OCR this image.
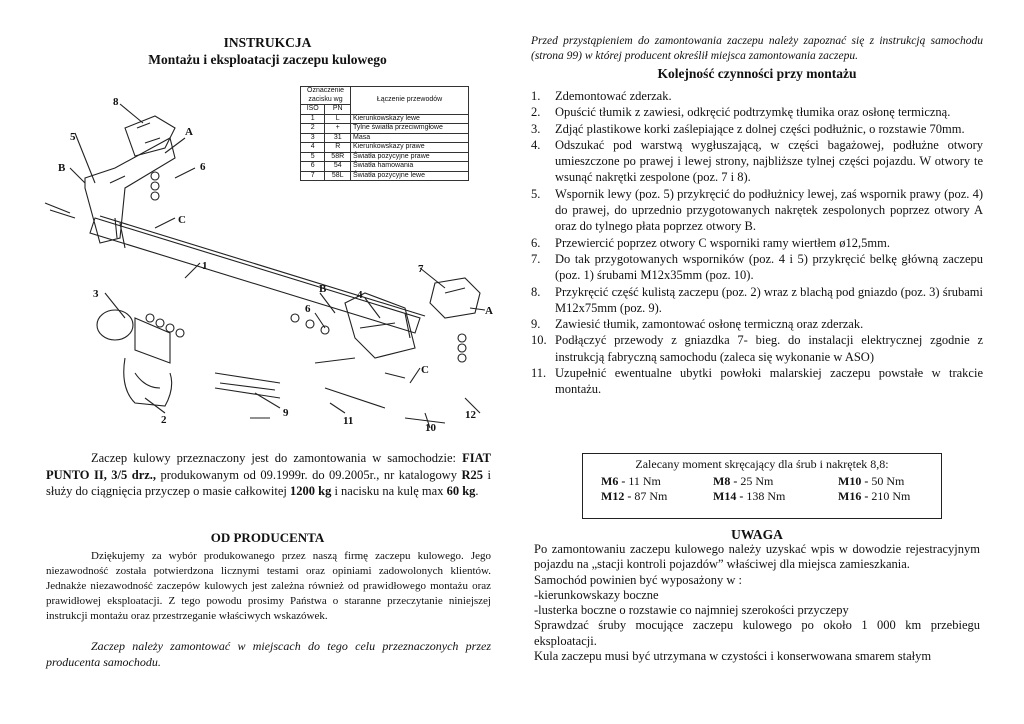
INSTRUKCJA
Montażu i eksploatacji zaczepu kulowego
8
5
B
A
6
C
1
3
2
9
11
10
12
B
6
4
7
A
C
Oznaczenie zacisku wg		Łączenie przewodów
ISO	PN	
1	L	Kierunkowskazy lewe
2	+	Tylne światła przeciwmgłowe
3	31	Masa
4	R	Kierunkowskazy prawe
5	58R	Światła pozycyjne prawe
6	54	Światła hamowania
7	58L	Światła pozycyjne lewe
Zaczep kulowy przeznaczony jest do zamontowania w samochodzie: FIAT PUNTO II, 3/5 drz., produkowanym od 09.1999r. do 09.2005r., nr katalogowy R25 i służy do ciągnięcia przyczep o masie całkowitej 1200 kg i nacisku na kulę max 60 kg.
OD PRODUCENTA
Dziękujemy za wybór produkowanego przez naszą firmę zaczepu kulowego. Jego niezawodność została potwierdzona licznymi testami oraz opiniami zadowolonych klientów. Jednakże niezawodność zaczepów kulowych jest zależna również od prawidłowego montażu oraz prawidłowej eksploatacji. Z tego powodu prosimy Państwa o staranne przeczytanie niniejszej instrukcji montażu oraz przestrzeganie właściwych wskazówek.
Zaczep należy zamontować w miejscach do tego celu przeznaczonych przez producenta samochodu.
Przed przystąpieniem do zamontowania zaczepu należy zapoznać się z instrukcją samochodu (strona 99) w której producent określił miejsca zamontowania zaczepu.
Kolejność czynności przy montażu
1.	Zdemontować zderzak.
2.	Opuścić tłumik z zawiesi, odkręcić podtrzymkę tłumika oraz osłonę termiczną.
3.	Zdjąć plastikowe korki zaślepiające z dolnej części podłużnic, o rozstawie 70mm.
4.	Odszukać pod warstwą wygłuszającą, w części bagażowej, podłużne otwory umieszczone po prawej i lewej strony, najbliższe tylnej części pojazdu. W otwory te wsunąć nakrętki zespolone (poz. 7 i 8).
5.	Wspornik lewy (poz. 5) przykręcić do podłużnicy lewej, zaś wspornik prawy (poz. 4) do prawej, do uprzednio przygotowanych nakrętek zespolonych poprzez otwory A oraz do tylnego płata poprzez otwory B.
6.	Przewiercić poprzez otwory C wsporniki ramy wiertłem ø12,5mm.
7.	Do tak przygotowanych wsporników (poz. 4 i 5) przykręcić belkę główną zaczepu (poz. 1) śrubami M12x35mm (poz. 10).
8.	Przykręcić część kulistą zaczepu (poz. 2) wraz z blachą pod gniazdo (poz. 3) śrubami M12x75mm (poz. 9).
9.	Zawiesić tłumik, zamontować osłonę termiczną oraz zderzak.
10. Podłączyć przewody z gniazdka 7- bieg. do instalacji elektrycznej zgodnie z instrukcją fabryczną samochodu (zaleca się wykonanie w ASO)
11. Uzupełnić ewentualne ubytki powłoki malarskiej zaczepu powstałe w trakcie montażu.
Zalecany moment skręcający dla śrub i nakrętek 8,8:
M6 - 11 Nm	M8 - 25 Nm	M10 - 50 Nm
M12 - 87 Nm	M14 - 138 Nm	M16 - 210 Nm
UWAGA

Po zamontowaniu zaczepu kulowego należy uzyskać wpis w dowodzie rejestracyjnym pojazdu na „stacji kontroli pojazdów” właściwej dla miejsca zamieszkania.

Samochód powinien być wyposażony w :

-kierunkowskazy boczne

-lusterka boczne o rozstawie co najmniej szerokości przyczepy

Sprawdzać śruby mocujące zaczepu kulowego po około 1 000 km przebiegu eksploatacji.

Kula zaczepu musi być utrzymana w czystości i konserwowana smarem stałym
